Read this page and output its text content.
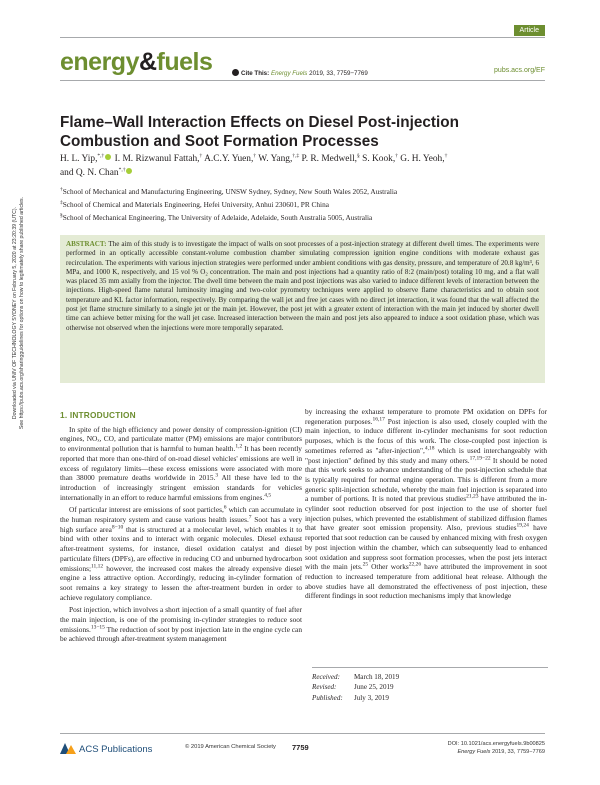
Downloaded via UNIV OF TECHNOLOGY SYDNEY on February 5, 2020 at 23:20:39 (UTC). See https://pubs.acs.org/sharingguidelines for options on how to legitimately share published articles.
Article
energy&fuels	Cite This: Energy Fuels 2019, 33, 7759−7769	pubs.acs.org/EF
Flame–Wall Interaction Effects on Diesel Post-injection Combustion and Soot Formation Processes
H. L. Yip,*,† I. M. Rizwanul Fattah,† A.C.Y. Yuen,† W. Yang,†,‡ P. R. Medwell,§ S. Kook,† G. H. Yeoh,†
and Q. N. Chan*,†
†School of Mechanical and Manufacturing Engineering, UNSW Sydney, Sydney, New South Wales 2052, Australia
‡School of Chemical and Materials Engineering, Hefei University, Anhui 230601, PR China
§School of Mechanical Engineering, The University of Adelaide, Adelaide, South Australia 5005, Australia
ABSTRACT: The aim of this study is to investigate the impact of walls on soot processes of a post-injection strategy at different dwell times. The experiments were performed in an optically accessible constant-volume combustion chamber simulating compression ignition engine conditions with moderate exhaust gas recirculation. The experiments with various injection strategies were performed under ambient conditions with gas density, pressure, and temperature of 20.8 kg/m³, 6 MPa, and 1000 K, respectively, and 15 vol % O₂ concentration. The main and post injections had a quantity ratio of 8:2 (main/post) totaling 10 mg, and a flat wall was placed 35 mm axially from the injector. The dwell time between the main and post injections was also varied to induce different levels of interaction between the injections. High-speed flame natural luminosity imaging and two-color pyrometry techniques were applied to observe flame characteristics and to obtain soot temperature and KL factor information, respectively. By comparing the wall jet and free jet cases with no direct jet interaction, it was found that the wall affected the post jet flame structure similarly to a single jet or the main jet. However, the post jet with a greater extent of interaction with the main jet induced by shorter dwell time can achieve better mixing for the wall jet case. Increased interaction between the main and post jets also appeared to induce a soot oxidation phase, which was otherwise not observed when the injections were more temporally separated.
1. INTRODUCTION

In spite of the high efficiency and power density of compression-ignition (CI) engines, NOₓ, CO, and particulate matter (PM) emissions are major contributors to environmental pollution that is harmful to human health.$^{1,2}$ It has been recently reported that more than one-third of on-road diesel vehicles' emissions are well in excess of regulatory limits—these excess emissions were associated with more than 38000 premature deaths worldwide in 2015.$^3$ All these have led to the introduction of increasingly stringent emission standards for vehicles internationally in an effort to reduce harmful emissions from engines.$^{4,5}$

Of particular interest are emissions of soot particles,$^6$ which can accumulate in the human respiratory system and cause various health issues.$^7$ Soot has a very high surface area$^{8-10}$ that is structured at a molecular level, which enables it to bind with other toxins and to interact with organic molecules. Diesel exhaust after-treatment systems, for instance, diesel oxidation catalyst and diesel particulate filters (DPFs), are effective in reducing CO and unburned hydrocarbon emissions;$^{11,12}$ however, the increased cost makes the already expensive diesel engine a less attractive option. Accordingly, reducing in-cylinder formation of soot remains a key strategy to lessen the after-treatment burden in order to achieve regulatory compliance.

Post injection, which involves a short injection of a small quantity of fuel after the main injection, is one of the promising in-cylinder strategies to reduce soot emissions.$^{13-15}$ The reduction of soot by post injection late in the engine cycle can be achieved through after-treatment system management

by increasing the exhaust temperature to promote PM oxidation on DPFs for regeneration purposes.$^{16,17}$ Post injection is also used, closely coupled with the main injection, to induce different in-cylinder mechanisms for soot reduction purposes, which is the focus of this work. The close-coupled post injection is sometimes referred as "after-injection",$^{4,18}$ which is used interchangeably with "post injection" defined by this study and many others.$^{17,19-22}$ It should be noted that this work seeks to advance understanding of the post-injection schedule that is typically required for normal engine operation. This is different from a more generic split-injection schedule, whereby the main fuel injection is separated into a number of portions. It is noted that previous studies$^{21,23}$ have attributed the in-cylinder soot reduction observed for post injection to the use of shorter fuel injection pulses, which prevented the establishment of stabilized diffusion flames that have greater soot emission propensity. Also, previous studies$^{19,24}$ have reported that soot reduction can be caused by enhanced mixing with fresh oxygen by post injection within the chamber, which can subsequently lead to enhanced soot oxidation and suppress soot formation processes, when the post jets interact with the main jets.$^{25}$ Other works$^{22,26}$ have attributed the improvement in soot reduction to increased temperature from additional heat release. Although the above studies have all demonstrated the effectiveness of post injection, these different findings in soot reduction mechanisms imply that knowledge

Received:	March 18, 2019
Revised:	June 25, 2019
Published:	July 3, 2019
ACS Publications	© 2019 American Chemical Society 7759	DOI: 10.1021/acs.energyfuels.9b00825
Energy Fuels 2019, 33, 7759−7769
